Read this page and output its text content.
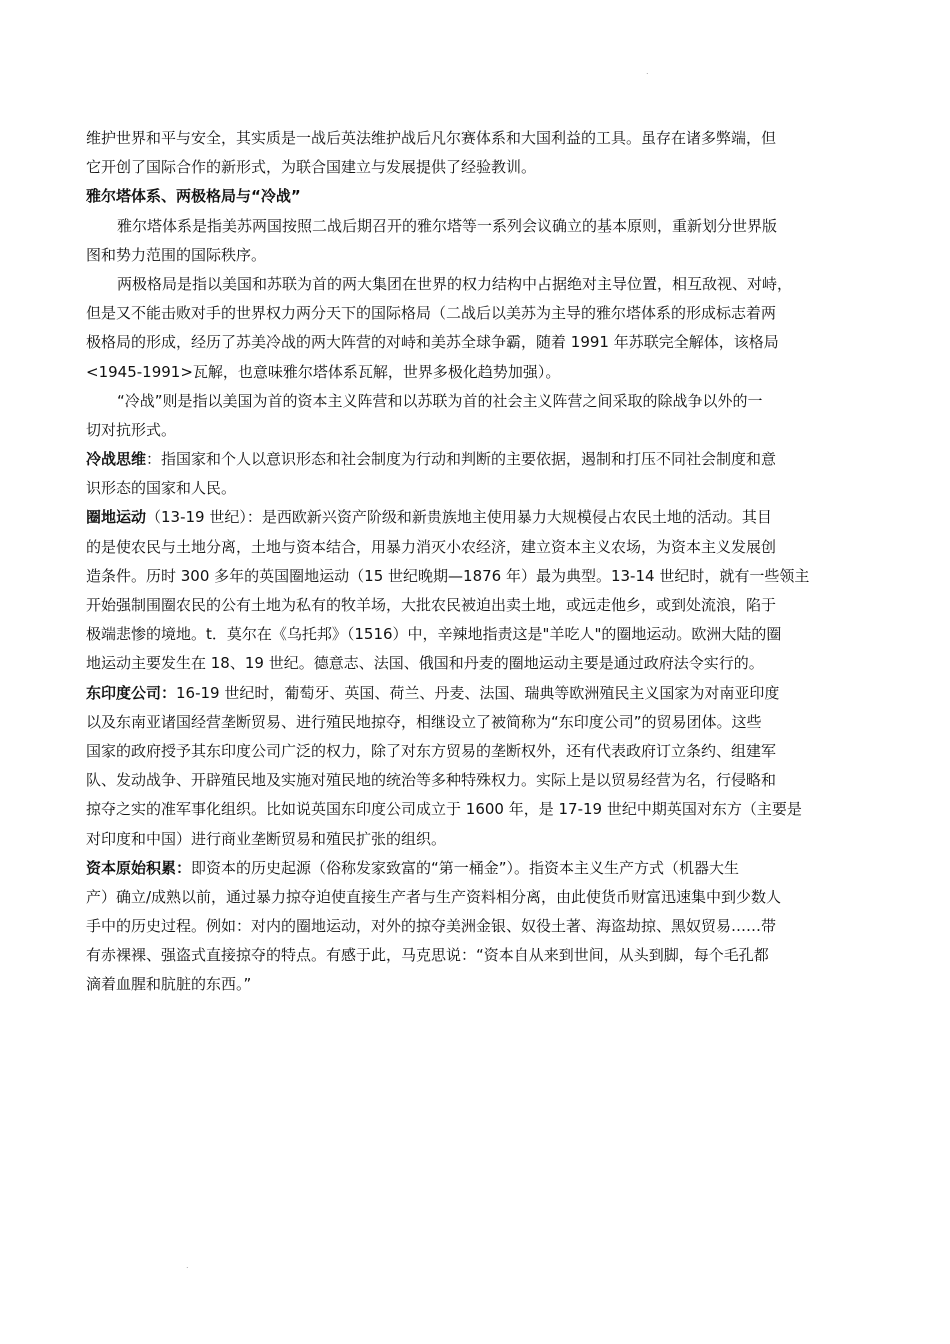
.
维护世界和平与安全，其实质是一战后英法维护战后凡尔赛体系和大国利益的工具。虽存在诸多弊端，但
它开创了国际合作的新形式，为联合国建立与发展提供了经验教训。
雅尔塔体系、两极格局与“冷战”
雅尔塔体系是指美苏两国按照二战后期召开的雅尔塔等一系列会议确立的基本原则，重新划分世界版
图和势力范围的国际秩序。
两极格局是指以美国和苏联为首的两大集团在世界的权力结构中占据绝对主导位置，相互敌视、对峙，
但是又不能击败对手的世界权力两分天下的国际格局（二战后以美苏为主导的雅尔塔体系的形成标志着两
极格局的形成，经历了苏美冷战的两大阵营的对峙和美苏全球争霸，随着 1991 年苏联完全解体，该格局
<1945-1991>瓦解，也意味雅尔塔体系瓦解，世界多极化趋势加强）。
“冷战”则是指以美国为首的资本主义阵营和以苏联为首的社会主义阵营之间采取的除战争以外的一
切对抗形式。
冷战思维：指国家和个人以意识形态和社会制度为行动和判断的主要依据，遏制和打压不同社会制度和意
识形态的国家和人民。
圈地运动（13-19 世纪）：是西欧新兴资产阶级和新贵族地主使用暴力大规模侵占农民土地的活动。其目
的是使农民与土地分离，土地与资本结合，用暴力消灭小农经济，建立资本主义农场，为资本主义发展创
造条件。历时 300 多年的英国圈地运动（15 世纪晚期—1876 年）最为典型。13-14 世纪时，就有一些领主
开始强制围圈农民的公有土地为私有的牧羊场，大批农民被迫出卖土地，或远走他乡，或到处流浪，陷于
极端悲惨的境地。t．莫尔在《乌托邦》（1516）中，辛辣地指责这是"羊吃人"的圈地运动。欧洲大陆的圈
地运动主要发生在 18、19 世纪。德意志、法国、俄国和丹麦的圈地运动主要是通过政府法令实行的。
东印度公司：16-19 世纪时，葡萄牙、英国、荷兰、丹麦、法国、瑞典等欧洲殖民主义国家为对南亚印度
以及东南亚诸国经营垄断贸易、进行殖民地掠夺，相继设立了被简称为“东印度公司”的贸易团体。这些
国家的政府授予其东印度公司广泛的权力，除了对东方贸易的垄断权外，还有代表政府订立条约、组建军
队、发动战争、开辟殖民地及实施对殖民地的统治等多种特殊权力。实际上是以贸易经营为名，行侵略和
掠夺之实的准军事化组织。比如说英国东印度公司成立于 1600 年，是 17-19 世纪中期英国对东方（主要是
对印度和中国）进行商业垄断贸易和殖民扩张的组织。
资本原始积累：即资本的历史起源（俗称发家致富的“第一桶金”）。指资本主义生产方式（机器大生
产）确立/成熟以前，通过暴力掠夺迫使直接生产者与生产资料相分离，由此使货币财富迅速集中到少数人
手中的历史过程。例如：对内的圈地运动，对外的掠夺美洲金银、奴役土著、海盗劫掠、黑奴贸易……带
有赤裸裸、强盗式直接掠夺的特点。有感于此，马克思说：“资本自从来到世间，从头到脚，每个毛孔都
滴着血腥和肮脏的东西。”
.
